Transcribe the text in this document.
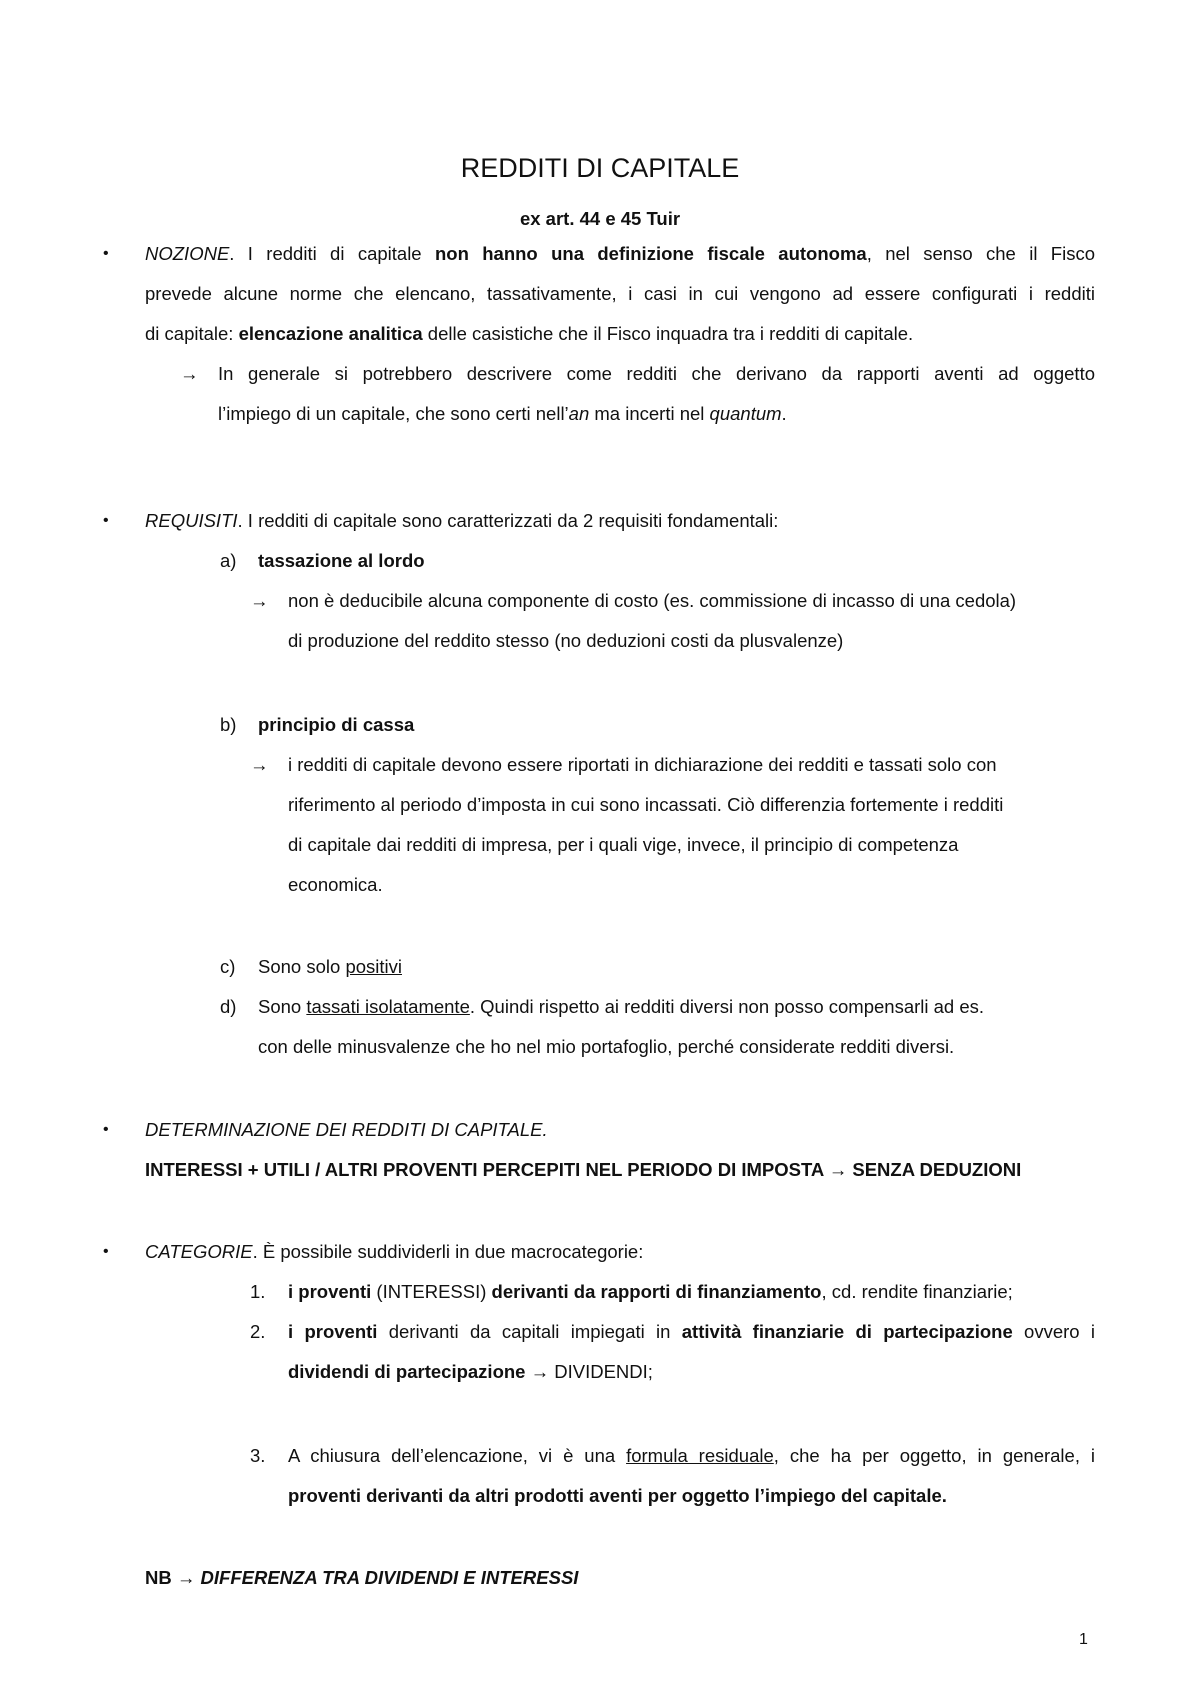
REDDITI DI CAPITALE
ex art. 44 e 45 Tuir
• NOZIONE. I redditi di capitale non hanno una definizione fiscale autonoma, nel senso che il Fisco
prevede alcune norme che elencano, tassativamente, i casi in cui vengono ad essere configurati i redditi
di capitale: elencazione analitica delle casistiche che il Fisco inquadra tra i redditi di capitale.
→ In generale si potrebbero descrivere come redditi che derivano da rapporti aventi ad oggetto
l’impiego di un capitale, che sono certi nell’an ma incerti nel quantum.
• REQUISITI. I redditi di capitale sono caratterizzati da 2 requisiti fondamentali:
a) tassazione al lordo
→ non è deducibile alcuna componente di costo (es. commissione di incasso di una cedola)
di produzione del reddito stesso (no deduzioni costi da plusvalenze)
b) principio di cassa
→ i redditi di capitale devono essere riportati in dichiarazione dei redditi e tassati solo con
riferimento al periodo d’imposta in cui sono incassati. Ciò differenzia fortemente i redditi
di capitale dai redditi di impresa, per i quali vige, invece, il principio di competenza
economica.
c) Sono solo positivi
d) Sono tassati isolatamente. Quindi rispetto ai redditi diversi non posso compensarli ad es.
con delle minusvalenze che ho nel mio portafoglio, perché considerate redditi diversi.
• DETERMINAZIONE DEI REDDITI DI CAPITALE.
INTERESSI + UTILI / ALTRI PROVENTI PERCEPITI NEL PERIODO DI IMPOSTA → SENZA DEDUZIONI
• CATEGORIE. È possibile suddividerli in due macrocategorie:
1. i proventi (INTERESSI) derivanti da rapporti di finanziamento, cd. rendite finanziarie;
2. i proventi derivanti da capitali impiegati in attività finanziarie di partecipazione ovvero i
dividendi di partecipazione → DIVIDENDI;
3. A chiusura dell’elencazione, vi è una formula residuale, che ha per oggetto, in generale, i
proventi derivanti da altri prodotti aventi per oggetto l’impiego del capitale.
NB → DIFFERENZA TRA DIVIDENDI E INTERESSI
1
